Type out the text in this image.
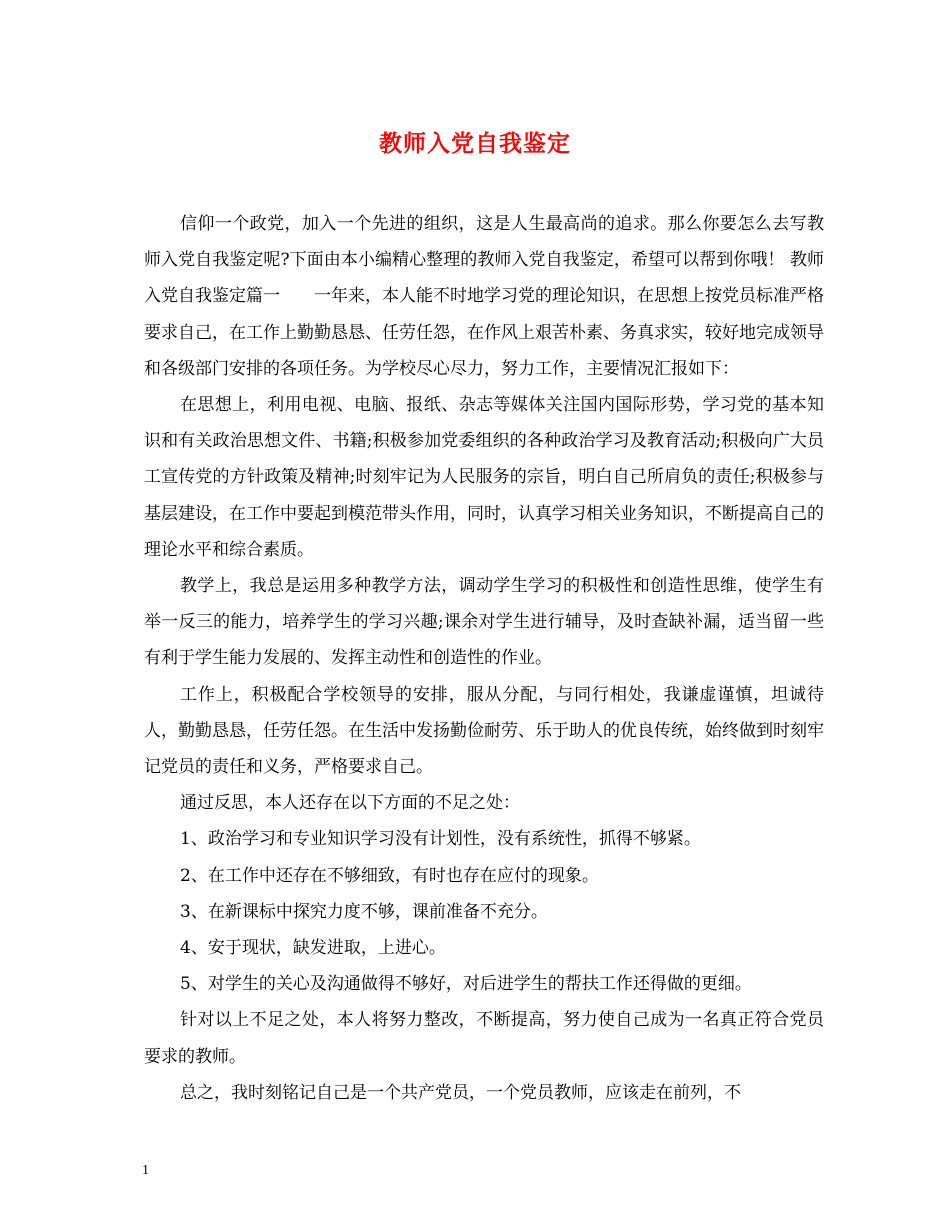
教师入党自我鉴定

信仰一个政党，加入一个先进的组织，这是人生最高尚的追求。那么你要怎么去写教师入党自我鉴定呢?下面由本小编精心整理的教师入党自我鉴定，希望可以帮到你哦！ 教师入党自我鉴定篇一　　一年来，本人能不时地学习党的理论知识，在思想上按党员标准严格要求自己，在工作上勤勤恳恳、任劳任怨，在作风上艰苦朴素、务真求实，较好地完成领导和各级部门安排的各项任务。为学校尽心尽力，努力工作，主要情况汇报如下：

在思想上，利用电视、电脑、报纸、杂志等媒体关注国内国际形势，学习党的基本知识和有关政治思想文件、书籍;积极参加党委组织的各种政治学习及教育活动;积极向广大员工宣传党的方针政策及精神;时刻牢记为人民服务的宗旨，明白自己所肩负的责任;积极参与基层建设，在工作中要起到模范带头作用，同时，认真学习相关业务知识，不断提高自己的理论水平和综合素质。

教学上，我总是运用多种教学方法，调动学生学习的积极性和创造性思维，使学生有举一反三的能力，培养学生的学习兴趣;课余对学生进行辅导，及时查缺补漏，适当留一些有利于学生能力发展的、发挥主动性和创造性的作业。

工作上，积极配合学校领导的安排，服从分配，与同行相处，我谦虚谨慎，坦诚待人，勤勤恳恳，任劳任怨。在生活中发扬勤俭耐劳、乐于助人的优良传统，始终做到时刻牢记党员的责任和义务，严格要求自己。

通过反思，本人还存在以下方面的不足之处：

1、政治学习和专业知识学习没有计划性，没有系统性，抓得不够紧。

2、在工作中还存在不够细致，有时也存在应付的现象。

3、在新课标中探究力度不够，课前准备不充分。

4、安于现状，缺发进取，上进心。

5、对学生的关心及沟通做得不够好，对后进学生的帮扶工作还得做的更细。

针对以上不足之处，本人将努力整改，不断提高，努力使自己成为一名真正符合党员要求的教师。

总之，我时刻铭记自己是一个共产党员，一个党员教师，应该走在前列，不

1
